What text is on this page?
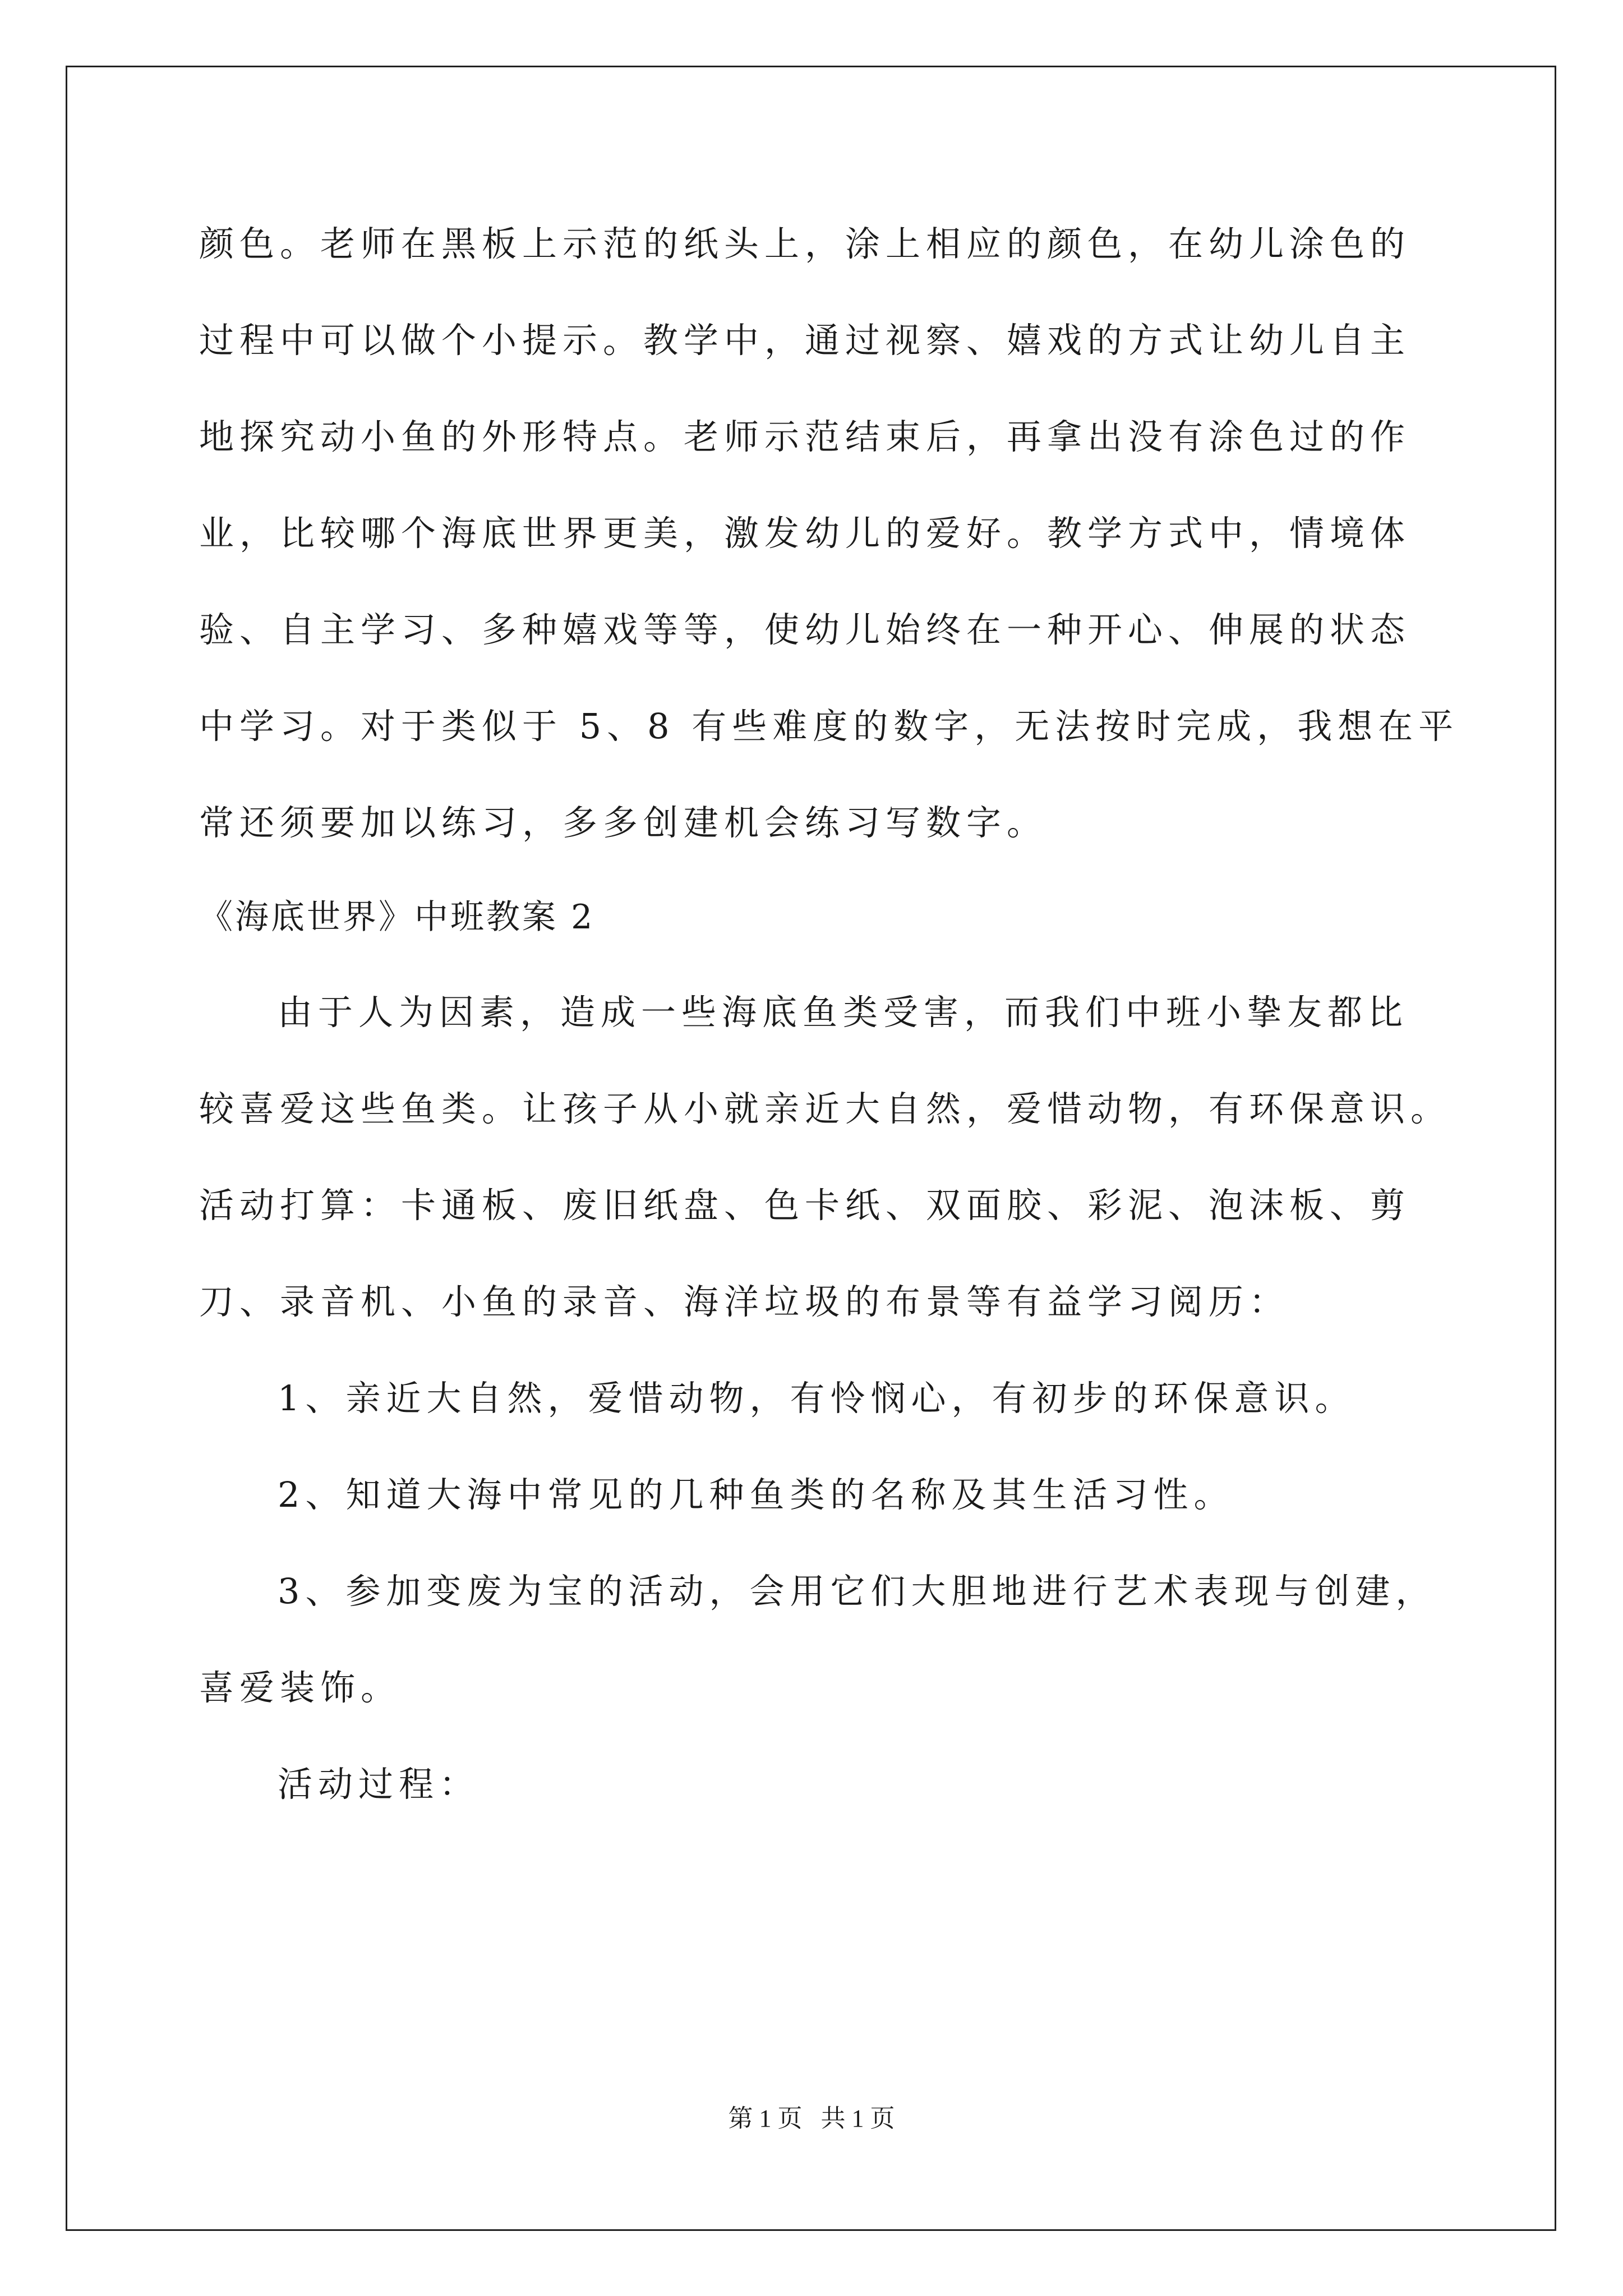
颜色。老师在黑板上示范的纸头上，涂上相应的颜色，在幼儿涂色的
过程中可以做个小提示。教学中，通过视察、嬉戏的方式让幼儿自主
地探究动小鱼的外形特点。老师示范结束后，再拿出没有涂色过的作
业，比较哪个海底世界更美，激发幼儿的爱好。教学方式中，情境体
验、自主学习、多种嬉戏等等，使幼儿始终在一种开心、伸展的状态
中学习。对于类似于 5、8 有些难度的数字，无法按时完成，我想在平
常还须要加以练习，多多创建机会练习写数字。
《海底世界》中班教案 2
由于人为因素，造成一些海底鱼类受害，而我们中班小挚友都比
较喜爱这些鱼类。让孩子从小就亲近大自然，爱惜动物，有环保意识。
活动打算：卡通板、废旧纸盘、色卡纸、双面胶、彩泥、泡沫板、剪
刀、录音机、小鱼的录音、海洋垃圾的布景等有益学习阅历：
1、亲近大自然，爱惜动物，有怜悯心，有初步的环保意识。
2、知道大海中常见的几种鱼类的名称及其生活习性。
3、参加变废为宝的活动，会用它们大胆地进行艺术表现与创建，
喜爱装饰。
活动过程：
第 1 页   共 1 页
